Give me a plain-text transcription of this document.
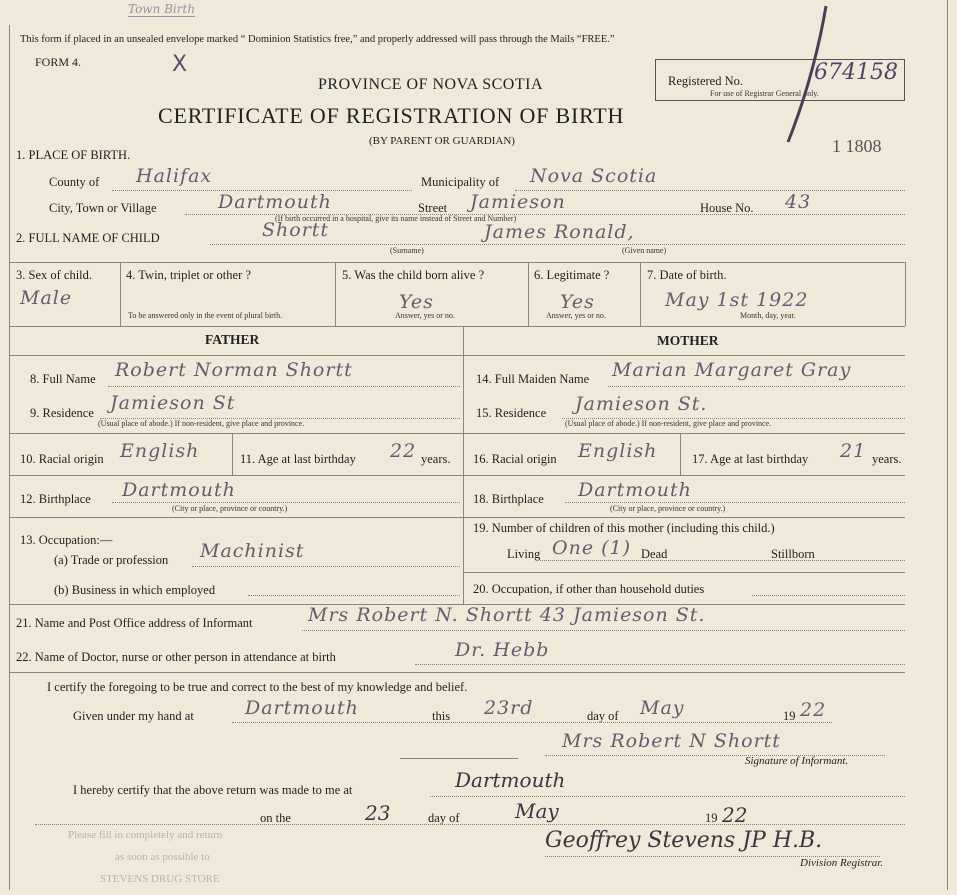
Town Birth
This form if placed in an unsealed envelope marked “ Dominion Statistics free,” and properly addressed will pass through the Mails “FREE.”
FORM 4.	X
PROVINCE OF NOVA SCOTIA
CERTIFICATE OF REGISTRATION OF BIRTH
(BY PARENT OR GUARDIAN)
Registered No.	674158
For use of Registrar General only.
1 1808
1. PLACE OF BIRTH.
County of Halifax	Municipality of Nova Scotia
City, Town or Village	Dartmouth	Street Jamieson	House No. 43
(If birth occurred in a hospital, give its name instead of Street and Number)
2. FULL NAME OF CHILD	Shortt
(Surname)
James Ronald,
(Given name)
3. Sex of child.
Male
4. Twin, triplet or other ?
To be answered only in the event of plural birth.
5. Was the child born alive ?
Yes
Answer, yes or no.
6. Legitimate ?
Yes
Answer, yes or no.
7. Date of birth.
May 1st 1922
Month, day, year.
FATHER	MOTHER
8. Full Name Robert Norman Shortt	14. Full Maiden Name Marian Margaret Gray
9. Residence Jamieson St
(Usual place of abode.) If non-resident, give place and province.
15. Residence Jamieson St.
(Usual place of abode.) If non-resident, give place and province.
10. Racial origin English	11. Age at last birthday 22 years. 16. Racial origin English	17. Age at last birthday 21 years.
12. Birthplace Dartmouth
(City or place, province or country.)
18. Birthplace Dartmouth
(City or place, province or country.)
13. Occupation:—
(a) Trade or profession Machinist
(b) Business in which employed
19. Number of children of this mother (including this child.)
Living One (1) Dead	Stillborn
20. Occupation, if other than household duties
21. Name and Post Office address of Informant	Mrs Robert N. Shortt 43 Jamieson St.
22. Name of Doctor, nurse or other person in attendance at birth	Dr. Hebb
I certify the foregoing to be true and correct to the best of my knowledge and belief.
Given under my hand at	Dartmouth	this 23rd	day of May	19 22
Mrs Robert N Shortt
Signature of Informant.
I hereby certify that the above return was made to me at	Dartmouth
on the	23	day of	May	19 22
Geoffrey Stevens JP H.B.
Division Registrar.
Please fill in completely and return
as soon as possible to
STEVENS DRUG STORE
